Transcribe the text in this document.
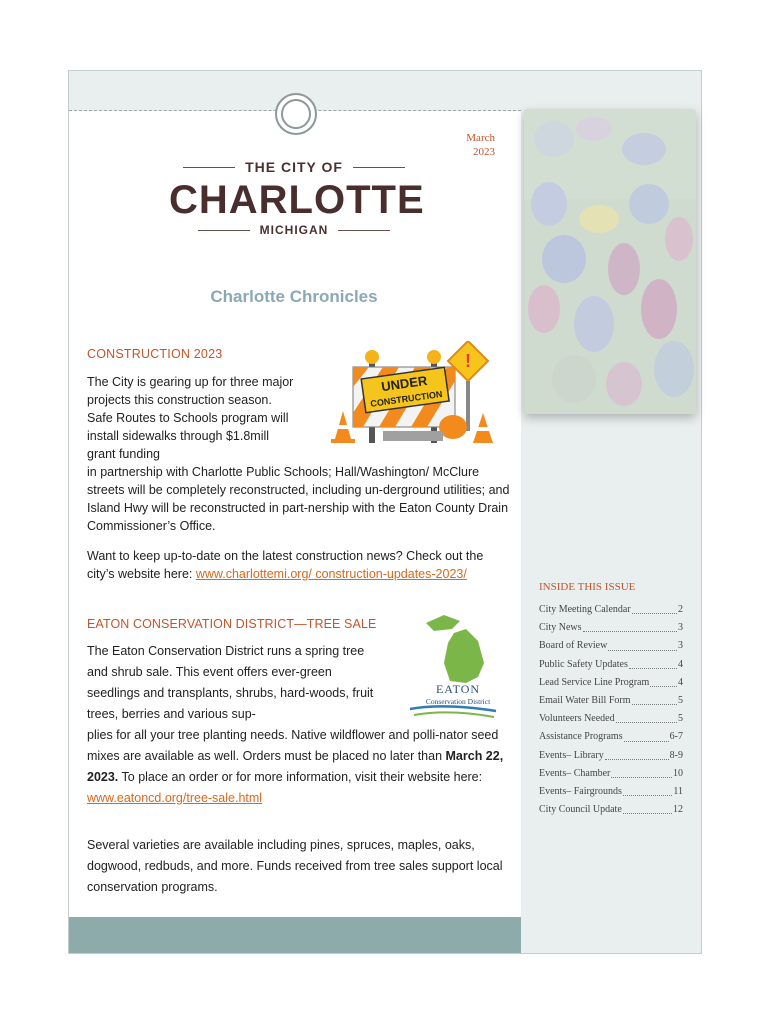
March
2023
THE CITY OF
CHARLOTTE
MICHIGAN
Charlotte Chronicles
CONSTRUCTION 2023
UNDER
CONSTRUCTION
!
The City is gearing up for three major projects this construction season. Safe Routes to Schools program will install sidewalks through $1.8mill grant funding
in partnership with Charlotte Public Schools; Hall/Washington/ McClure streets will be completely reconstructed, including un-derground utilities; and Island Hwy will be reconstructed in part-nership with the Eaton County Drain Commissioner’s Office.
Want to keep up-to-date on the latest construction news? Check out the city’s website here: www.charlottemi.org/ construction-updates-2023/
EATON CONSERVATION DISTRICT—TREE SALE
EATON
Conservation District
The Eaton Conservation District runs a spring tree and shrub sale. This event offers ever-green seedlings and transplants, shrubs, hard-woods, fruit trees, berries and various sup-
plies for all your tree planting needs. Native wildflower and polli-nator seed mixes are available as well. Orders must be placed no later than March 22, 2023. To place an order or for more information, visit their website here: www.eatoncd.org/tree-sale.html
Several varieties are available including pines, spruces, maples, oaks, dogwood, redbuds, and more. Funds received from tree sales support local conservation programs.
INSIDE THIS ISSUE
City Meeting Calendar	2
City News	3
Board of Review	3
Public Safety Updates	4
Lead Service Line Program	4
Email Water Bill Form	5
Volunteers Needed	5
Assistance Programs	6-7
Events– Library	8-9
Events– Chamber	10
Events– Fairgrounds	11
City Council Update	12
